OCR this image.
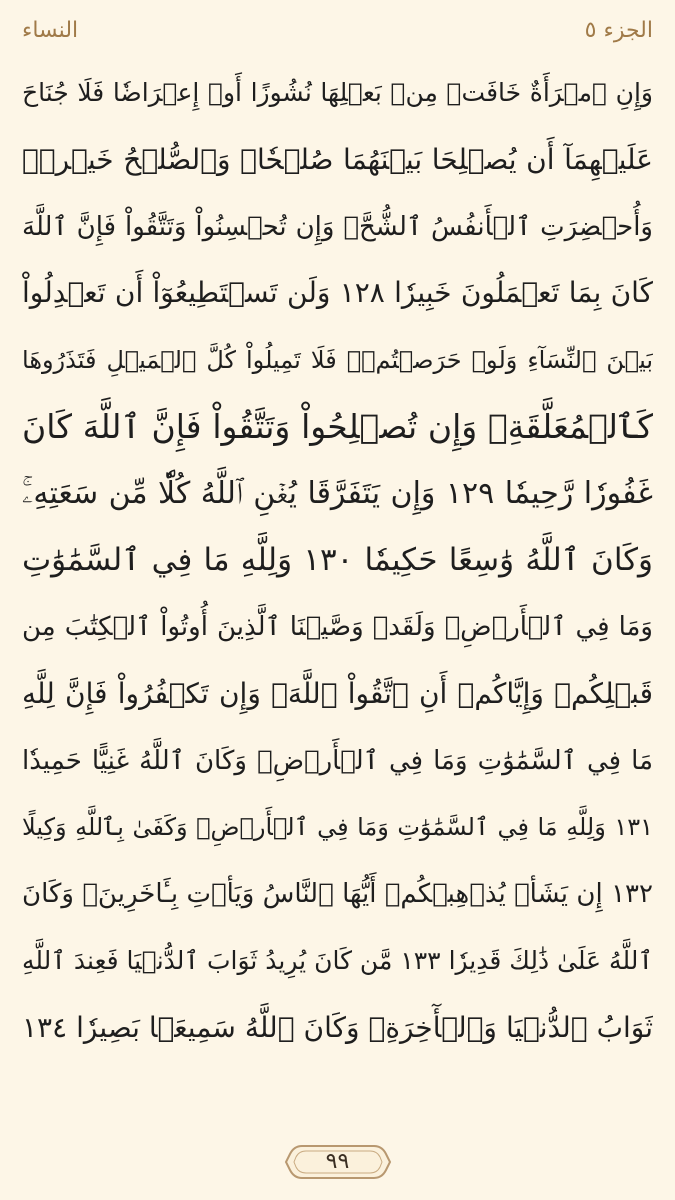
الجزء ٥
النساء
وَإِنِ ٱمۡرَأَةٌ خَافَتۡ مِنۢ بَعۡلِهَا نُشُوزًا أَوۡ إِعۡرَاضٗا فَلَا جُنَاحَ
عَلَيۡهِمَآ أَن يُصۡلِحَا بَيۡنَهُمَا صُلۡحٗاۚ وَٱلصُّلۡحُ خَيۡرٞۗ
وَأُحۡضِرَتِ ٱلۡأَنفُسُ ٱلشُّحَّۚ وَإِن تُحۡسِنُواْ وَتَتَّقُواْ فَإِنَّ ٱللَّهَ
كَانَ بِمَا تَعۡمَلُونَ خَبِيرٗا ١٢٨ وَلَن تَسۡتَطِيعُوٓاْ أَن تَعۡدِلُواْ
بَيۡنَ ٱلنِّسَآءِ وَلَوۡ حَرَصۡتُمۡۖ فَلَا تَمِيلُواْ كُلَّ ٱلۡمَيۡلِ فَتَذَرُوهَا
كَٱلۡمُعَلَّقَةِۚ وَإِن تُصۡلِحُواْ وَتَتَّقُواْ فَإِنَّ ٱللَّهَ كَانَ
غَفُورٗا رَّحِيمٗا ١٢٩ وَإِن يَتَفَرَّقَا يُغۡنِ ٱللَّهُ كُلّٗا مِّن سَعَتِهِۦۚ
وَكَانَ ٱللَّهُ وَٰسِعًا حَكِيمٗا ١٣٠ وَلِلَّهِ مَا فِي ٱلسَّمَٰوَٰتِ
وَمَا فِي ٱلۡأَرۡضِۗ وَلَقَدۡ وَصَّيۡنَا ٱلَّذِينَ أُوتُواْ ٱلۡكِتَٰبَ مِن
قَبۡلِكُمۡ وَإِيَّاكُمۡ أَنِ ٱتَّقُواْ ٱللَّهَۚ وَإِن تَكۡفُرُواْ فَإِنَّ لِلَّهِ
مَا فِي ٱلسَّمَٰوَٰتِ وَمَا فِي ٱلۡأَرۡضِۚ وَكَانَ ٱللَّهُ غَنِيًّا حَمِيدٗا
١٣١ وَلِلَّهِ مَا فِي ٱلسَّمَٰوَٰتِ وَمَا فِي ٱلۡأَرۡضِۚ وَكَفَىٰ بِٱللَّهِ وَكِيلًا
١٣٢ إِن يَشَأۡ يُذۡهِبۡكُمۡ أَيُّهَا ٱلنَّاسُ وَيَأۡتِ بِـَٔاخَرِينَۚ وَكَانَ
ٱللَّهُ عَلَىٰ ذَٰلِكَ قَدِيرٗا ١٣٣ مَّن كَانَ يُرِيدُ ثَوَابَ ٱلدُّنۡيَا فَعِندَ ٱللَّهِ
ثَوَابُ ٱلدُّنۡيَا وَٱلۡأٓخِرَةِۚ وَكَانَ ٱللَّهُ سَمِيعَۢا بَصِيرٗا ١٣٤
٩٩
